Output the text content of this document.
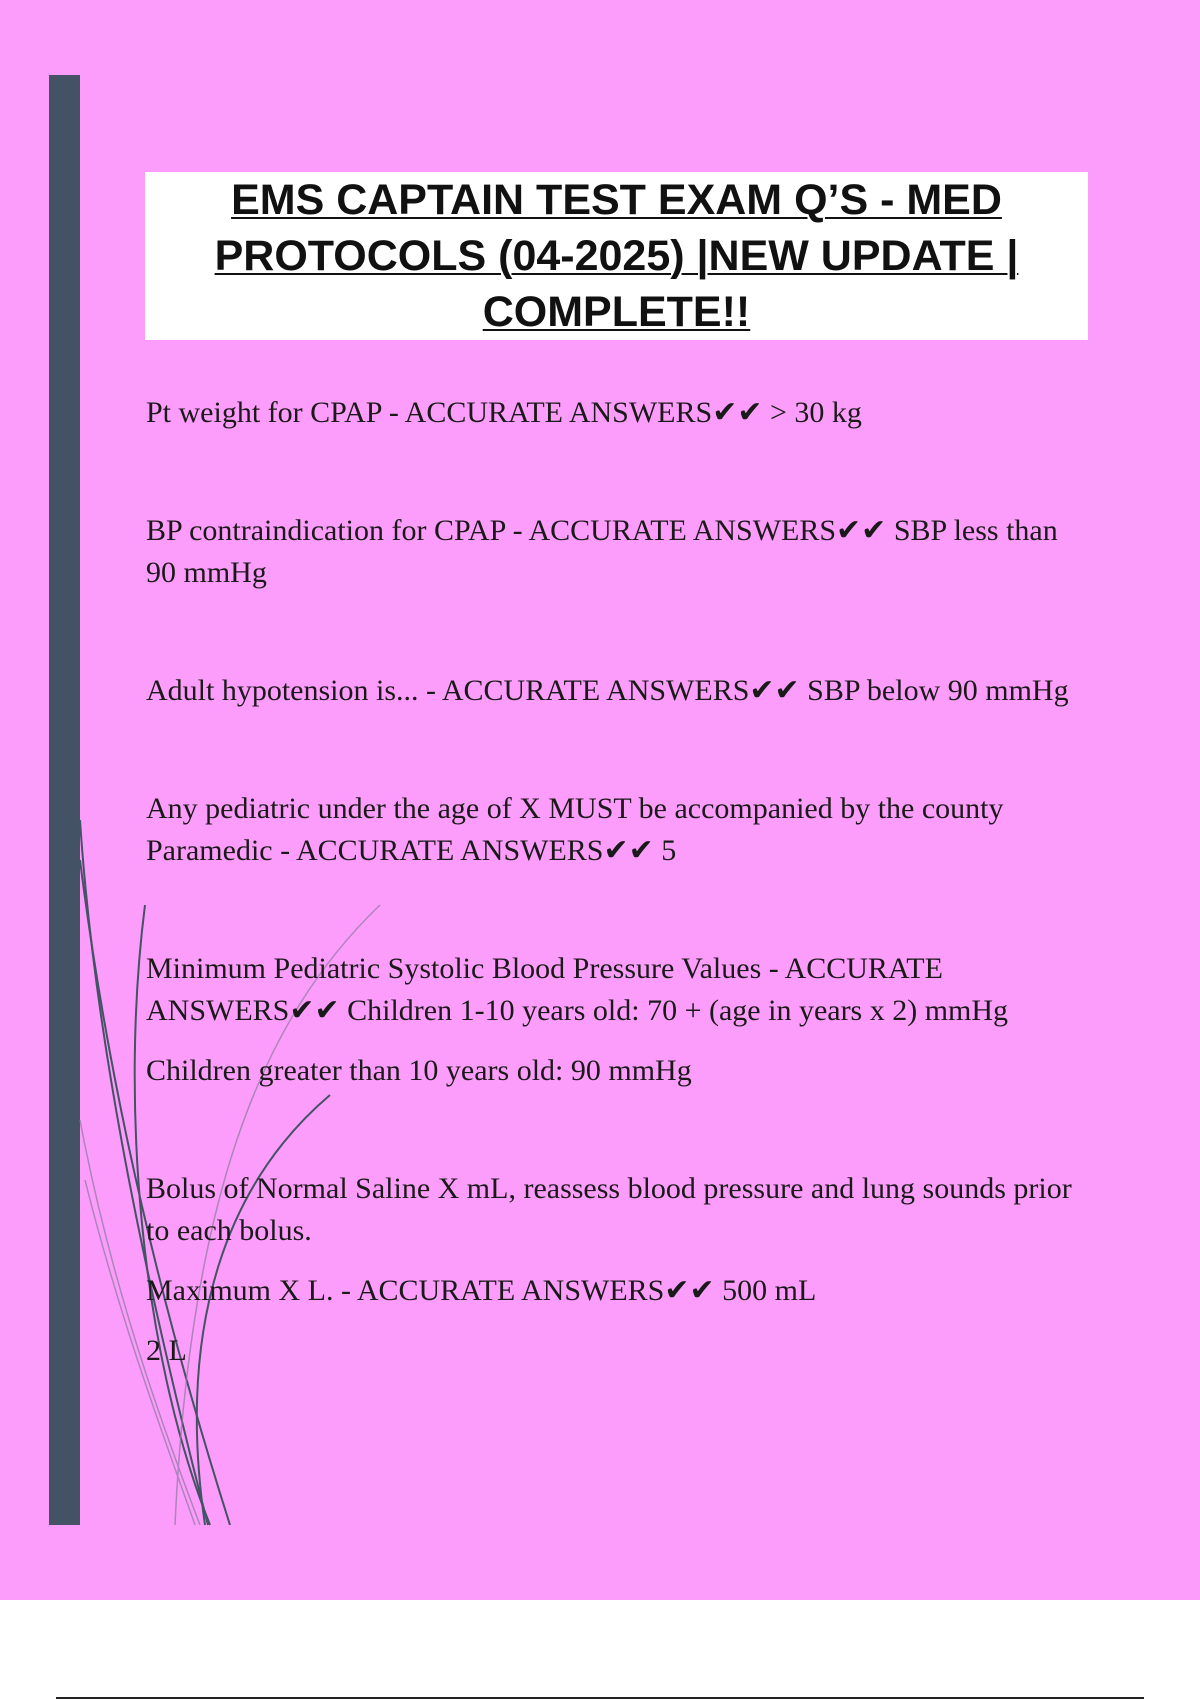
EMS CAPTAIN TEST EXAM Q’S - MED PROTOCOLS (04-2025) |NEW UPDATE | COMPLETE!!

Pt weight for CPAP - ACCURATE ANSWERS✔✔ > 30 kg

BP contraindication for CPAP - ACCURATE ANSWERS✔✔ SBP less than 90 mmHg

Adult hypotension is... - ACCURATE ANSWERS✔✔ SBP below 90 mmHg

Any pediatric under the age of X MUST be accompanied by the county Paramedic - ACCURATE ANSWERS✔✔ 5

Minimum Pediatric Systolic Blood Pressure Values - ACCURATE ANSWERS✔✔ Children 1-10 years old: 70 + (age in years x 2) mmHg

Children greater than 10 years old: 90 mmHg

Bolus of Normal Saline X mL, reassess blood pressure and lung sounds prior to each bolus.

Maximum X L. - ACCURATE ANSWERS✔✔ 500 mL

2 L
